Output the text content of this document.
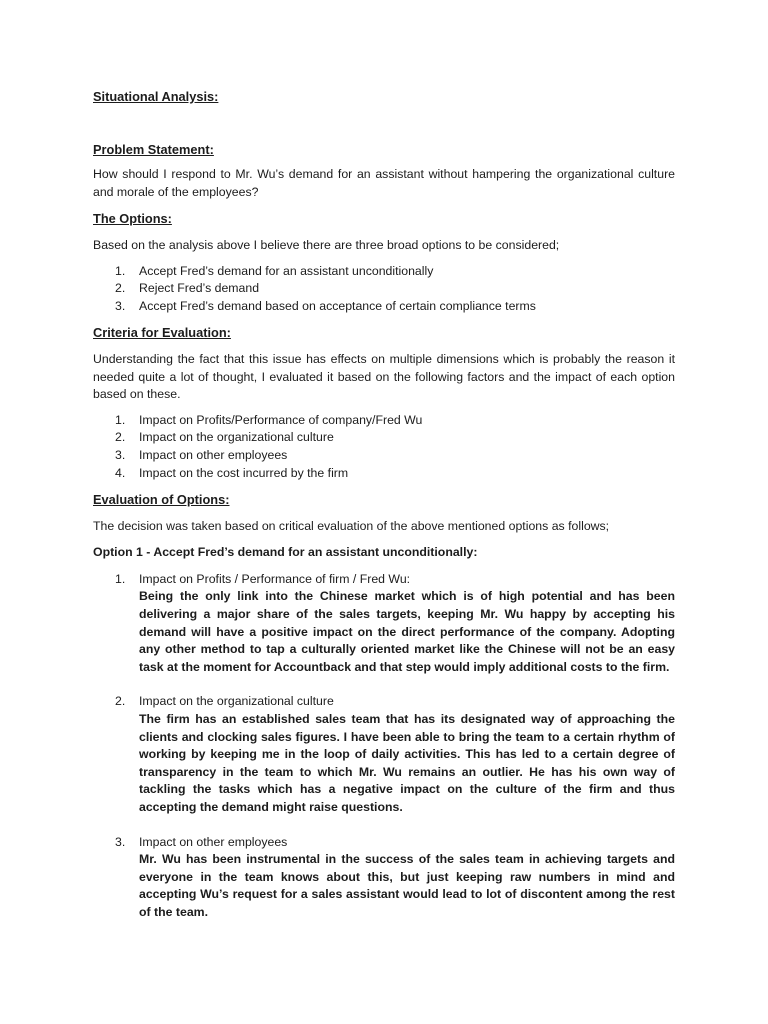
Situational Analysis:
Problem Statement:

How should I respond to Mr. Wu’s demand for an assistant without hampering the organizational culture and morale of the employees?

The Options:

Based on the analysis above I believe there are three broad options to be considered;

1. Accept Fred’s demand for an assistant unconditionally
2. Reject Fred’s demand
3. Accept Fred’s demand based on acceptance of certain compliance terms
Criteria for Evaluation:

Understanding the fact that this issue has effects on multiple dimensions which is probably the reason it needed quite a lot of thought, I evaluated it based on the following factors and the impact of each option based on these.

1. Impact on Profits/Performance of company/Fred Wu
2. Impact on the organizational culture
3. Impact on other employees
4. Impact on the cost incurred by the firm
Evaluation of Options:

The decision was taken based on critical evaluation of the above mentioned options as follows;

Option 1 - Accept Fred’s demand for an assistant unconditionally:

1. Impact on Profits / Performance of firm / Fred Wu:
Being the only link into the Chinese market which is of high potential and has been delivering a major share of the sales targets, keeping Mr. Wu happy by accepting his demand will have a positive impact on the direct performance of the company. Adopting any other method to tap a culturally oriented market like the Chinese will not be an easy task at the moment for Accountback and that step would imply additional costs to the firm.
2. Impact on the organizational culture
The firm has an established sales team that has its designated way of approaching the clients and clocking sales figures. I have been able to bring the team to a certain rhythm of working by keeping me in the loop of daily activities. This has led to a certain degree of transparency in the team to which Mr. Wu remains an outlier. He has his own way of tackling the tasks which has a negative impact on the culture of the firm and thus accepting the demand might raise questions.
3. Impact on other employees
Mr. Wu has been instrumental in the success of the sales team in achieving targets and everyone in the team knows about this, but just keeping raw numbers in mind and accepting Wu’s request for a sales assistant would lead to lot of discontent among the rest of the team.
